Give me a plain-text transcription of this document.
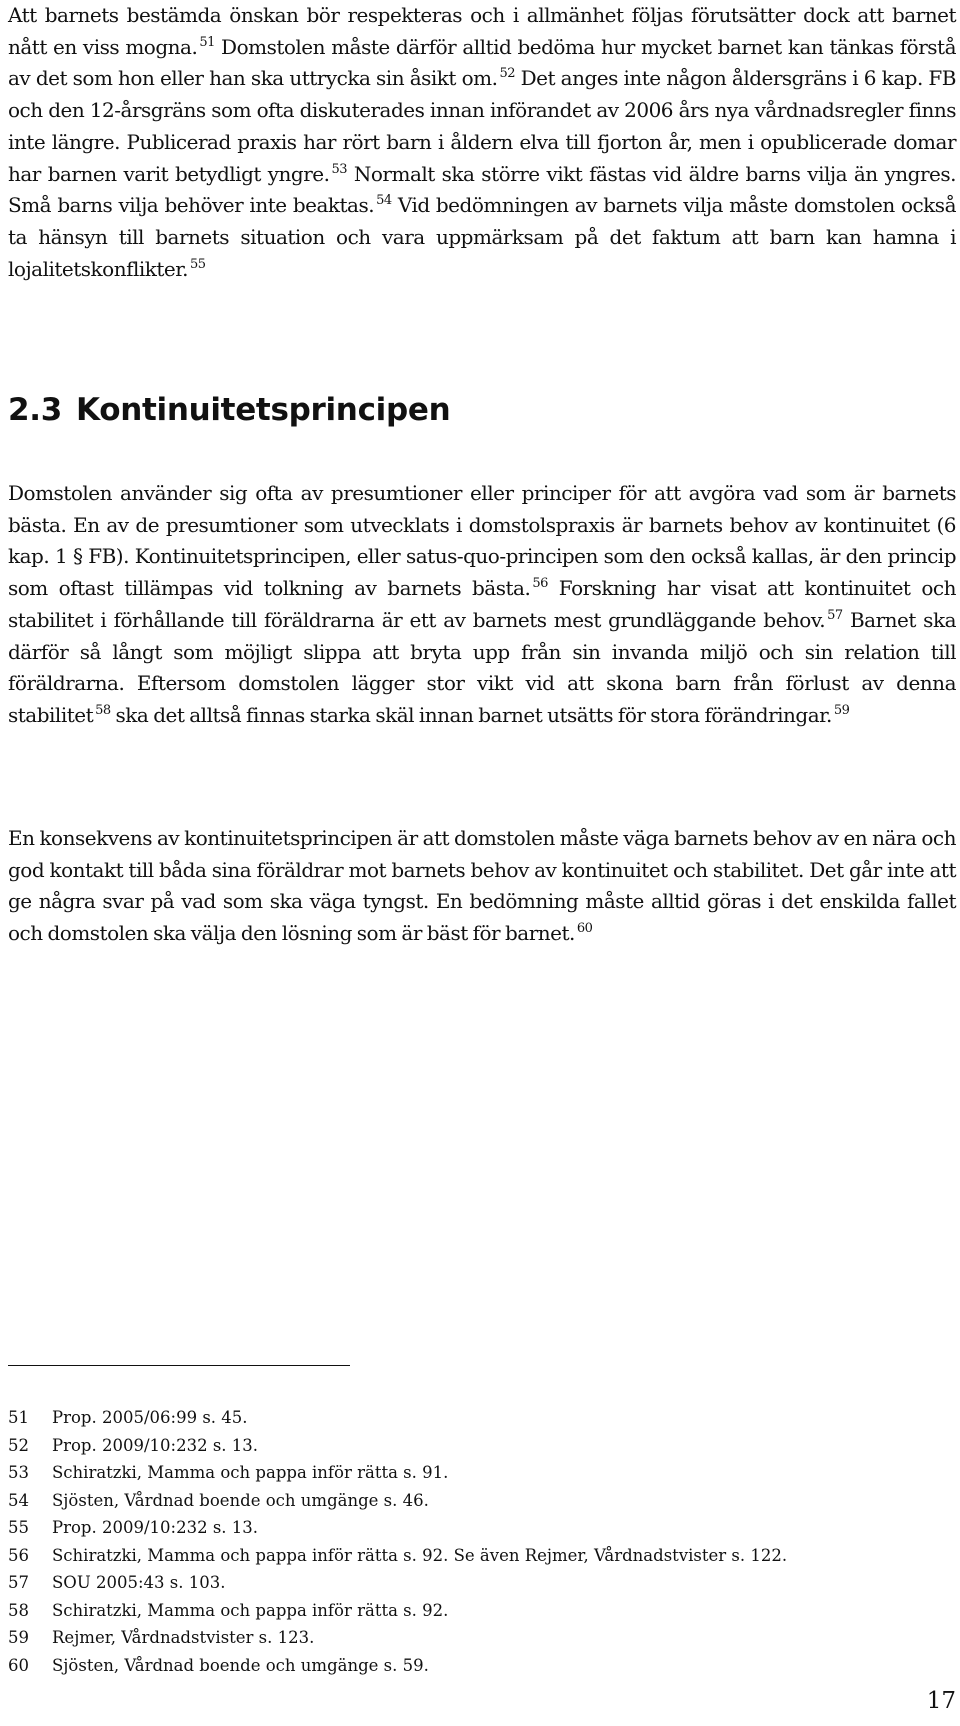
Att barnets bestämda önskan bör respekteras och i allmänhet följas förutsätter dock att barnet nått en viss mogna. $^{51}$ Domstolen måste därför alltid bedöma hur mycket barnet kan tänkas förstå av det som hon eller han ska uttrycka sin åsikt om. $^{52}$ Det anges inte någon åldersgräns i 6 kap. FB och den 12-årsgräns som ofta diskuterades innan införandet av 2006 års nya vårdnadsregler finns inte längre. Publicerad praxis har rört barn i åldern elva till fjorton år, men i opublicerade domar har barnen varit betydligt yngre. $^{53}$ Normalt ska större vikt fästas vid äldre barns vilja än yngres. Små barns vilja behöver inte beaktas. $^{54}$ Vid bedömningen av barnets vilja måste domstolen också ta hänsyn till barnets situation och vara uppmärksam på det faktum att barn kan hamna i lojalitetskonflikter. $^{55}$

2.3 Kontinuitetsprincipen

Domstolen använder sig ofta av presumtioner eller principer för att avgöra vad som är barnets bästa. En av de presumtioner som utvecklats i domstolspraxis är barnets behov av kontinuitet (6 kap. 1 § FB). Kontinuitetsprincipen, eller satus-quo-principen som den också kallas, är den princip som oftast tillämpas vid tolkning av barnets bästa. $^{56}$ Forskning har visat att kontinuitet och stabilitet i förhållande till föräldrarna är ett av barnets mest grundläggande behov. $^{57}$ Barnet ska därför så långt som möjligt slippa att bryta upp från sin invanda miljö och sin relation till föräldrarna. Eftersom domstolen lägger stor vikt vid att skona barn från förlust av denna stabilitet $^{58}$ ska det alltså finnas starka skäl innan barnet utsätts för stora förändringar. $^{59}$

En konsekvens av kontinuitetsprincipen är att domstolen måste väga barnets behov av en nära och god kontakt till båda sina föräldrar mot barnets behov av kontinuitet och stabilitet. Det går inte att ge några svar på vad som ska väga tyngst. En bedömning måste alltid göras i det enskilda fallet och domstolen ska välja den lösning som är bäst för barnet. $^{60}$

51 Prop. 2005/06:99 s. 45.
52 Prop. 2009/10:232 s. 13.
53 Schiratzki, Mamma och pappa inför rätta s. 91.
54 Sjösten, Vårdnad boende och umgänge s. 46.
55 Prop. 2009/10:232 s. 13.
56 Schiratzki, Mamma och pappa inför rätta s. 92. Se även Rejmer, Vårdnadstvister s. 122.
57 SOU 2005:43 s. 103.
58 Schiratzki, Mamma och pappa inför rätta s. 92.
59 Rejmer, Vårdnadstvister s. 123.
60 Sjösten, Vårdnad boende och umgänge s. 59.
17
